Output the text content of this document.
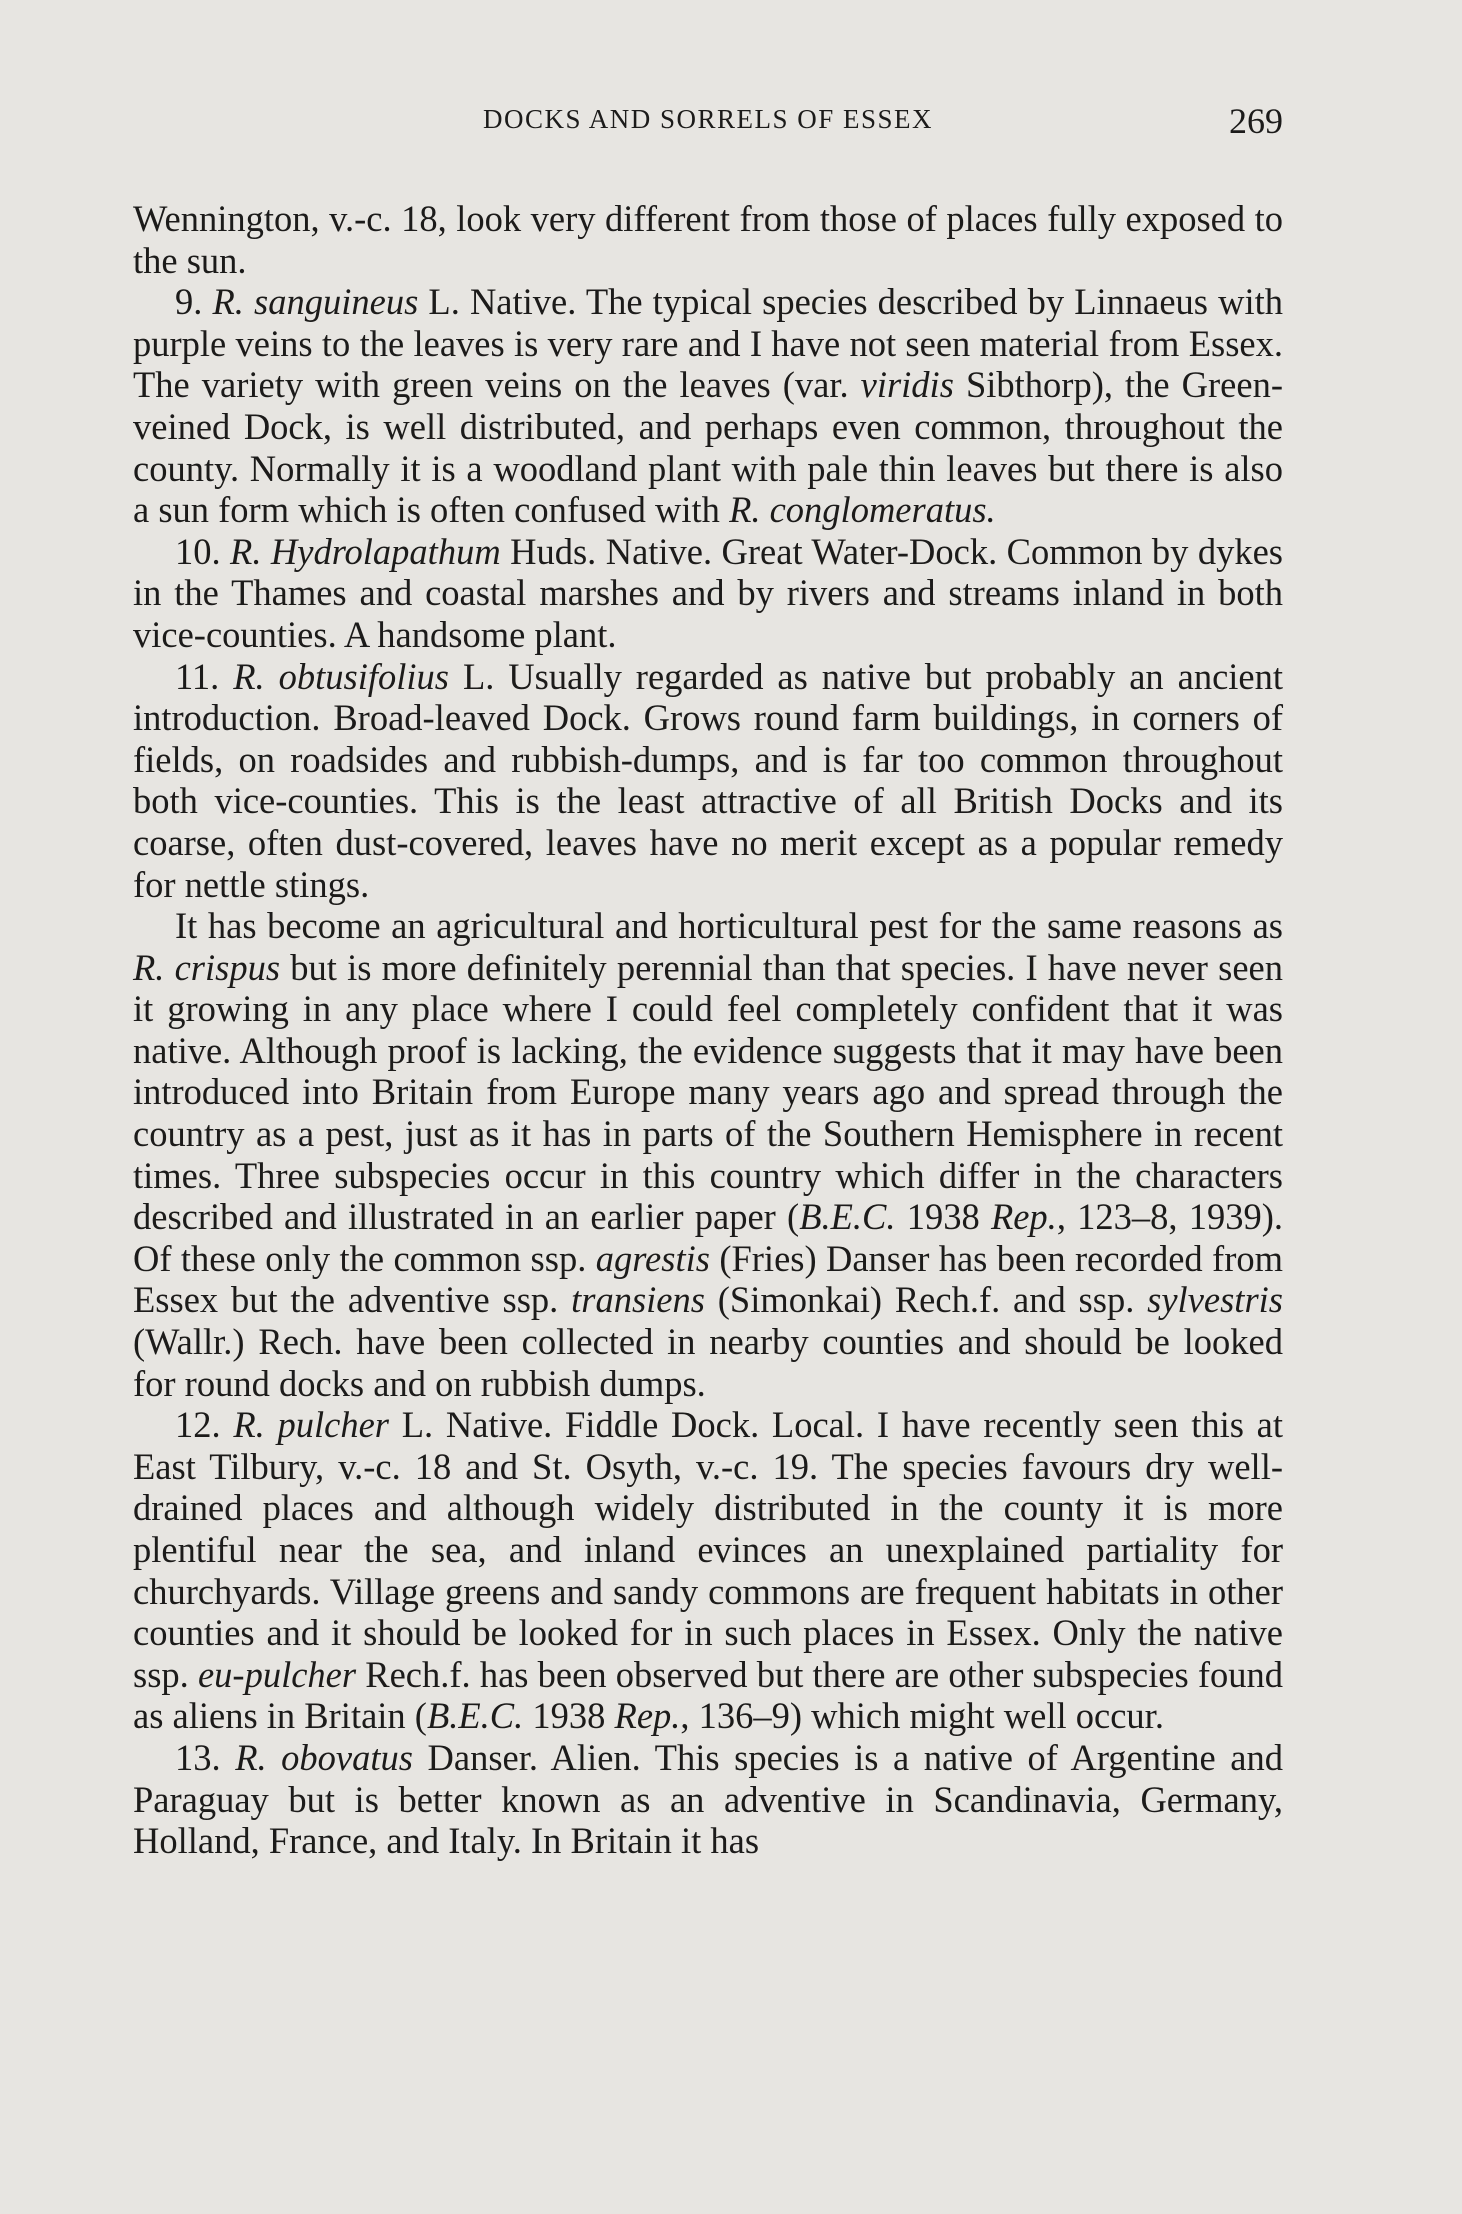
DOCKS AND SORRELS OF ESSEX	269

Wennington, v.-c. 18, look very different from those of places fully exposed to the sun.

9. R. sanguineus L. Native. The typical species described by Linnaeus with purple veins to the leaves is very rare and I have not seen material from Essex. The variety with green veins on the leaves (var. viridis Sibthorp), the Green-veined Dock, is well distributed, and perhaps even common, throughout the county. Normally it is a woodland plant with pale thin leaves but there is also a sun form which is often confused with R. conglomeratus.

10. R. Hydrolapathum Huds. Native. Great Water-Dock. Common by dykes in the Thames and coastal marshes and by rivers and streams inland in both vice-counties. A handsome plant.

11. R. obtusifolius L. Usually regarded as native but probably an ancient introduction. Broad-leaved Dock. Grows round farm buildings, in corners of fields, on roadsides and rubbish-dumps, and is far too common throughout both vice-counties. This is the least attractive of all British Docks and its coarse, often dust-covered, leaves have no merit except as a popular remedy for nettle stings.

It has become an agricultural and horticultural pest for the same reasons as R. crispus but is more definitely perennial than that species. I have never seen it growing in any place where I could feel completely confident that it was native. Although proof is lacking, the evidence suggests that it may have been introduced into Britain from Europe many years ago and spread through the country as a pest, just as it has in parts of the Southern Hemisphere in recent times. Three subspecies occur in this country which differ in the characters described and illustrated in an earlier paper (B.E.C. 1938 Rep., 123–8, 1939). Of these only the common ssp. agrestis (Fries) Danser has been recorded from Essex but the adventive ssp. transiens (Simonkai) Rech.f. and ssp. sylvestris (Wallr.) Rech. have been collected in nearby counties and should be looked for round docks and on rubbish dumps.

12. R. pulcher L. Native. Fiddle Dock. Local. I have recently seen this at East Tilbury, v.-c. 18 and St. Osyth, v.-c. 19. The species favours dry well-drained places and although widely distributed in the county it is more plentiful near the sea, and inland evinces an unexplained partiality for churchyards. Village greens and sandy commons are frequent habitats in other counties and it should be looked for in such places in Essex. Only the native ssp. eu-pulcher Rech.f. has been observed but there are other subspecies found as aliens in Britain (B.E.C. 1938 Rep., 136–9) which might well occur.

13. R. obovatus Danser. Alien. This species is a native of Argentine and Paraguay but is better known as an adventive in Scandinavia, Germany, Holland, France, and Italy. In Britain it has
